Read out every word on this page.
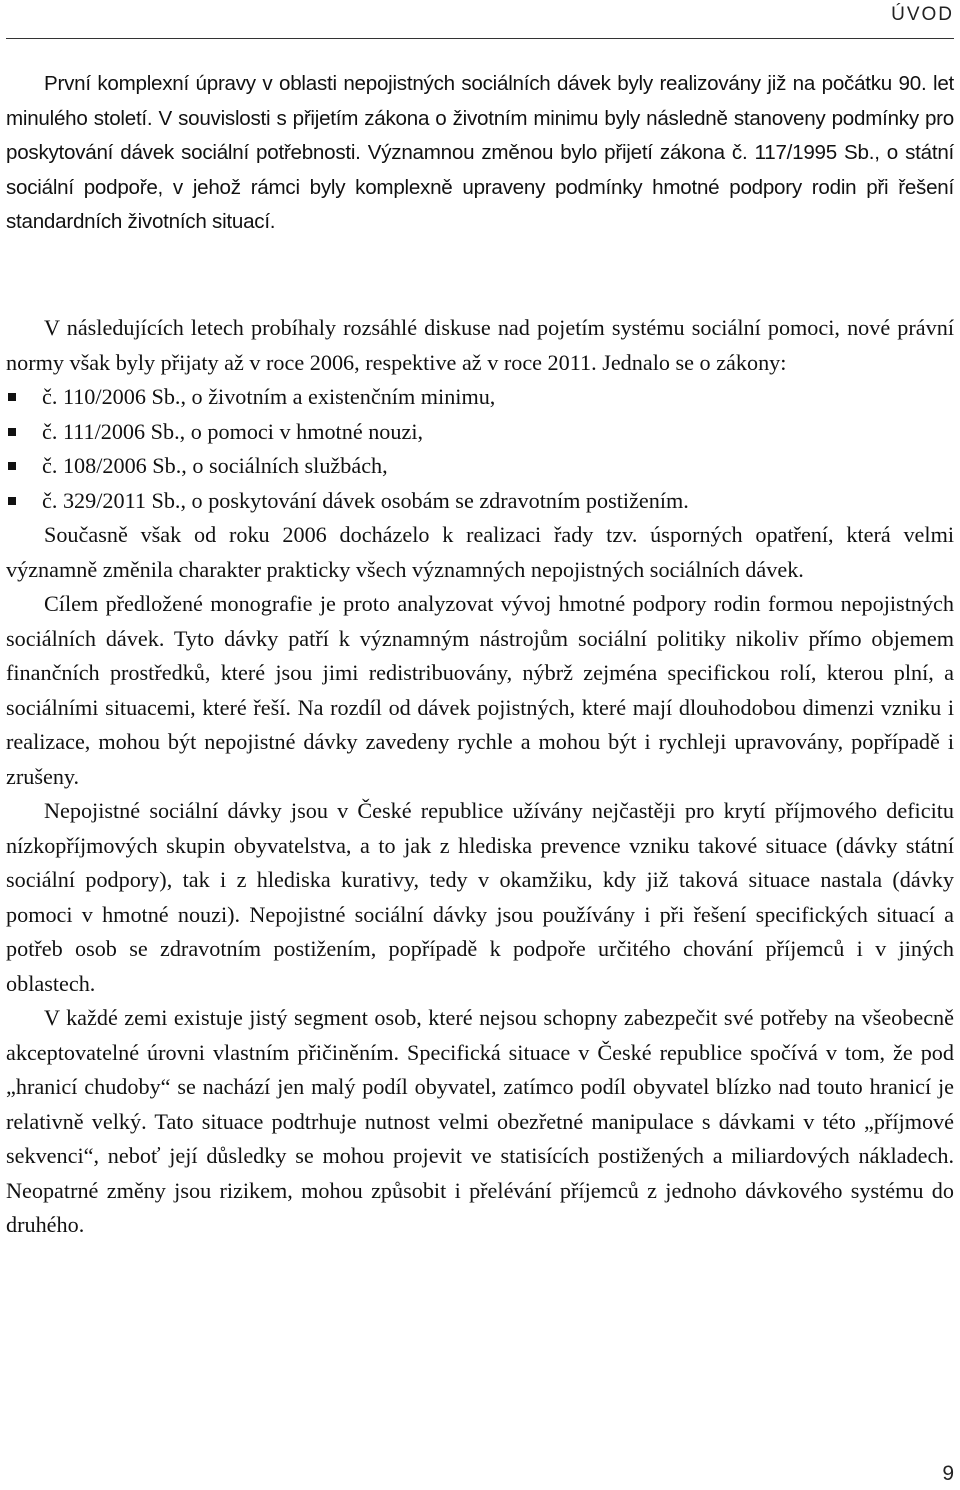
ÚVOD

První komplexní úpravy v oblasti nepojistných sociálních dávek byly realizovány již na počátku 90. let minulého století. V souvislosti s přijetím zákona o životním minimu byly následně stanoveny podmínky pro poskytování dávek sociální potřebnosti. Významnou změnou bylo přijetí zákona č. 117/1995 Sb., o státní sociální podpoře, v jehož rámci byly komplexně upraveny podmínky hmotné podpory rodin při řešení standardních životních situací.

V následujících letech probíhaly rozsáhlé diskuse nad pojetím systému sociální pomoci, nové právní normy však byly přijaty až v roce 2006, respektive až v roce 2011. Jednalo se o zákony:

č. 110/2006 Sb., o životním a existenčním minimu,
č. 111/2006 Sb., o pomoci v hmotné nouzi,
č. 108/2006 Sb., o sociálních službách,
č. 329/2011 Sb., o poskytování dávek osobám se zdravotním postižením.

Současně však od roku 2006 docházelo k realizaci řady tzv. úsporných opatření, která velmi významně změnila charakter prakticky všech významných nepojistných sociálních dávek.

Cílem předložené monografie je proto analyzovat vývoj hmotné podpory rodin formou nepojistných sociálních dávek. Tyto dávky patří k významným nástrojům sociální politiky nikoliv přímo objemem finančních prostředků, které jsou jimi redistribuovány, nýbrž zejména specifickou rolí, kterou plní, a sociálními situacemi, které řeší. Na rozdíl od dávek pojistných, které mají dlouhodobou dimenzi vzniku i realizace, mohou být nepojistné dávky zavedeny rychle a mohou být i rychleji upravovány, popřípadě i zrušeny.

Nepojistné sociální dávky jsou v České republice užívány nejčastěji pro krytí příjmového deficitu nízkopříjmových skupin obyvatelstva, a to jak z hlediska prevence vzniku takové situace (dávky státní sociální podpory), tak i z hlediska kurativy, tedy v okamžiku, kdy již taková situace nastala (dávky pomoci v hmotné nouzi). Nepojistné sociální dávky jsou používány i při řešení specifických situací a potřeb osob se zdravotním postižením, popřípadě k podpoře určitého chování příjemců i v jiných oblastech.

V každé zemi existuje jistý segment osob, které nejsou schopny zabezpečit své potřeby na všeobecně akceptovatelné úrovni vlastním přičiněním. Specifická situace v České republice spočívá v tom, že pod „hranicí chudoby“ se nachází jen malý podíl obyvatel, zatímco podíl obyvatel blízko nad touto hranicí je relativně velký. Tato situace podtrhuje nutnost velmi obezřetné manipulace s dávkami v této „příjmové sekvenci“, neboť její důsledky se mohou projevit ve statisících postižených a miliardových nákladech. Neopatrné změny jsou rizikem, mohou způsobit i přelévání příjemců z jednoho dávkového systému do druhého.

9
